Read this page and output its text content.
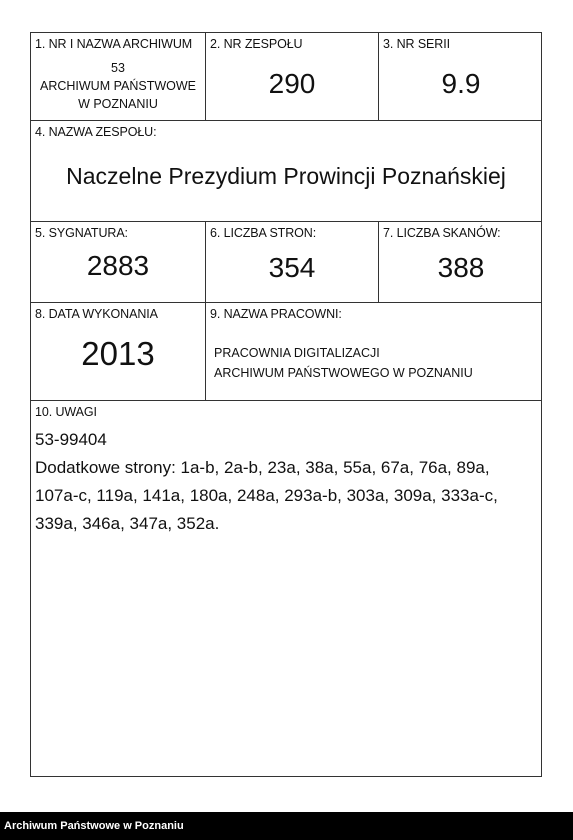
1. NR I NAZWA ARCHIWUM
53
ARCHIWUM PAŃSTWOWE
W POZNANIU
2. NR ZESPOŁU
290
3. NR SERII
9.9
4. NAZWA ZESPOŁU:
Naczelne Prezydium Prowincji Poznańskiej
5. SYGNATURA:
2883
6. LICZBA STRON:
354
7. LICZBA SKANÓW:
388
8. DATA WYKONANIA
2013
9. NAZWA PRACOWNI:
PRACOWNIA DIGITALIZACJI
ARCHIWUM PAŃSTWOWEGO W POZNANIU
10. UWAGI
53-99404
Dodatkowe strony: 1a-b, 2a-b, 23a, 38a, 55a, 67a, 76a, 89a,
107a-c, 119a, 141a, 180a, 248a, 293a-b, 303a, 309a, 333a-c,
339a, 346a, 347a, 352a.
Archiwum Państwowe w Poznaniu
